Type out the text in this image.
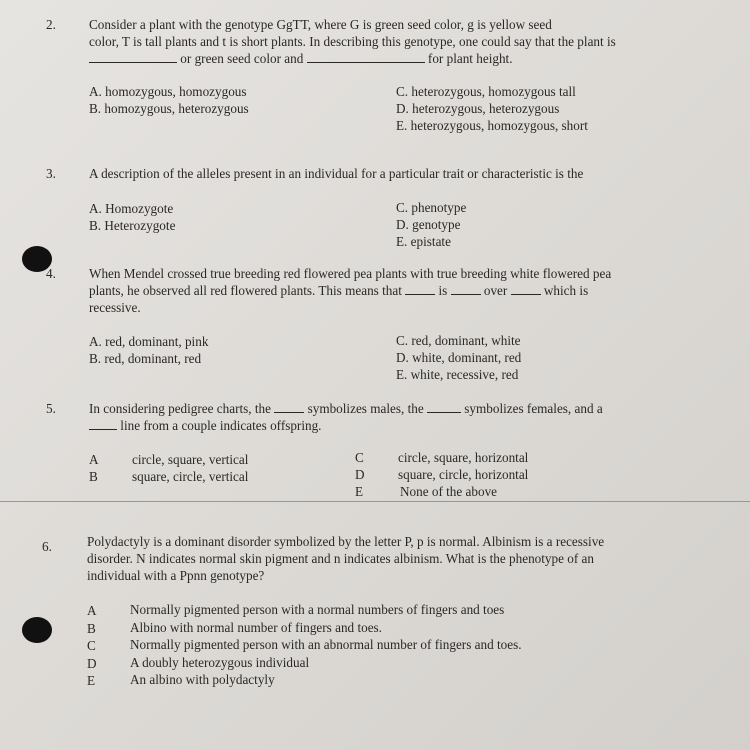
2.	Consider a plant with the genotype GgTT, where G is green seed color, g is yellow seed
color, T is tall plants and t is short plants. In describing this genotype, one could say that the plant is
or green seed color and	for plant height.
A. homozygous, homozygous
B. homozygous, heterozygous
C. heterozygous, homozygous tall
D. heterozygous, heterozygous
E. heterozygous, homozygous, short
3.	A description of the alleles present in an individual for a particular trait or characteristic is the
A. Homozygote
B. Heterozygote
C. phenotype
D. genotype
E. epistate
4.	When Mendel crossed true breeding red flowered pea plants with true breeding white flowered pea
plants, he observed all red flowered plants. This means that	is	over	which is
recessive.
A. red, dominant, pink
B. red, dominant, red
C. red, dominant, white
D. white, dominant, red
E. white, recessive, red
5.	In considering pedigree charts, the	symbolizes males, the	symbolizes females, and a
line from a couple indicates offspring.
A	circle, square, vertical
B	square, circle, vertical
C	circle, square, horizontal
D	square, circle, horizontal
E	None of the above
6.	Polydactyly is a dominant disorder symbolized by the letter P, p is normal. Albinism is a recessive
disorder. N indicates normal skin pigment and n indicates albinism. What is the phenotype of an
individual with a Ppnn genotype?
A	Normally pigmented person with a normal numbers of fingers and toes
B	Albino with normal number of fingers and toes.
C	Normally pigmented person with an abnormal number of fingers and toes.
D	A doubly heterozygous individual
E	An albino with polydactyly
